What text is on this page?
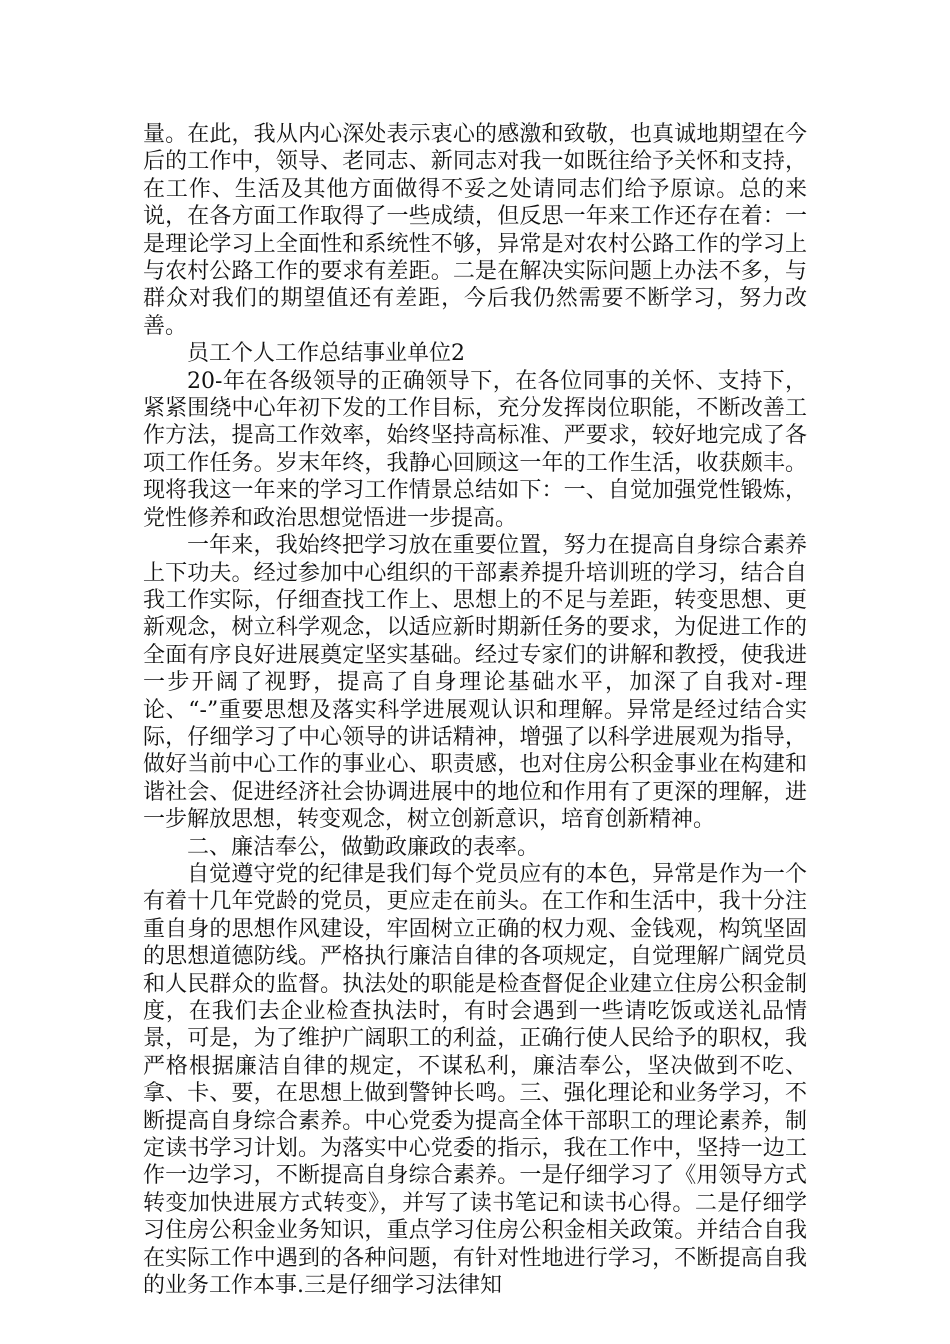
量。在此，我从内心深处表示衷心的感激和致敬，也真诚地期望在今后的工作中，领导、老同志、新同志对我一如既往给予关怀和支持，在工作、生活及其他方面做得不妥之处请同志们给予原谅。总的来说，在各方面工作取得了一些成绩，但反思一年来工作还存在着：一是理论学习上全面性和系统性不够，异常是对农村公路工作的学习上与农村公路工作的要求有差距。二是在解决实际问题上办法不多，与群众对我们的期望值还有差距，今后我仍然需要不断学习，努力改善。

员工个人工作总结事业单位2

20-年在各级领导的正确领导下，在各位同事的关怀、支持下，紧紧围绕中心年初下发的工作目标，充分发挥岗位职能，不断改善工作方法，提高工作效率，始终坚持高标准、严要求，较好地完成了各项工作任务。岁末年终，我静心回顾这一年的工作生活，收获颇丰。现将我这一年来的学习工作情景总结如下：一、自觉加强党性锻炼，党性修养和政治思想觉悟进一步提高。

一年来，我始终把学习放在重要位置，努力在提高自身综合素养上下功夫。经过参加中心组织的干部素养提升培训班的学习，结合自我工作实际，仔细查找工作上、思想上的不足与差距，转变思想、更新观念，树立科学观念，以适应新时期新任务的要求，为促进工作的全面有序良好进展奠定坚实基础。经过专家们的讲解和教授，使我进一步开阔了视野，提高了自身理论基础水平，加深了自我对-理论、“-”重要思想及落实科学进展观认识和理解。异常是经过结合实际，仔细学习了中心领导的讲话精神，增强了以科学进展观为指导，做好当前中心工作的事业心、职责感，也对住房公积金事业在构建和谐社会、促进经济社会协调进展中的地位和作用有了更深的理解，进一步解放思想，转变观念，树立创新意识，培育创新精神。

二、廉洁奉公，做勤政廉政的表率。

自觉遵守党的纪律是我们每个党员应有的本色，异常是作为一个有着十几年党龄的党员，更应走在前头。在工作和生活中，我十分注重自身的思想作风建设，牢固树立正确的权力观、金钱观，构筑坚固的思想道德防线。严格执行廉洁自律的各项规定，自觉理解广阔党员和人民群众的监督。执法处的职能是检查督促企业建立住房公积金制度，在我们去企业检查执法时，有时会遇到一些请吃饭或送礼品情景，可是，为了维护广阔职工的利益，正确行使人民给予的职权，我严格根据廉洁自律的规定，不谋私利，廉洁奉公，坚决做到不吃、拿、卡、要，在思想上做到警钟长鸣。三、强化理论和业务学习，不断提高自身综合素养。中心党委为提高全体干部职工的理论素养，制定读书学习计划。为落实中心党委的指示，我在工作中，坚持一边工作一边学习，不断提高自身综合素养。一是仔细学习了《用领导方式转变加快进展方式转变》，并写了读书笔记和读书心得。二是仔细学习住房公积金业务知识，重点学习住房公积金相关政策。并结合自我在实际工作中遇到的各种问题，有针对性地进行学习，不断提高自我的业务工作本事.三是仔细学习法律知
